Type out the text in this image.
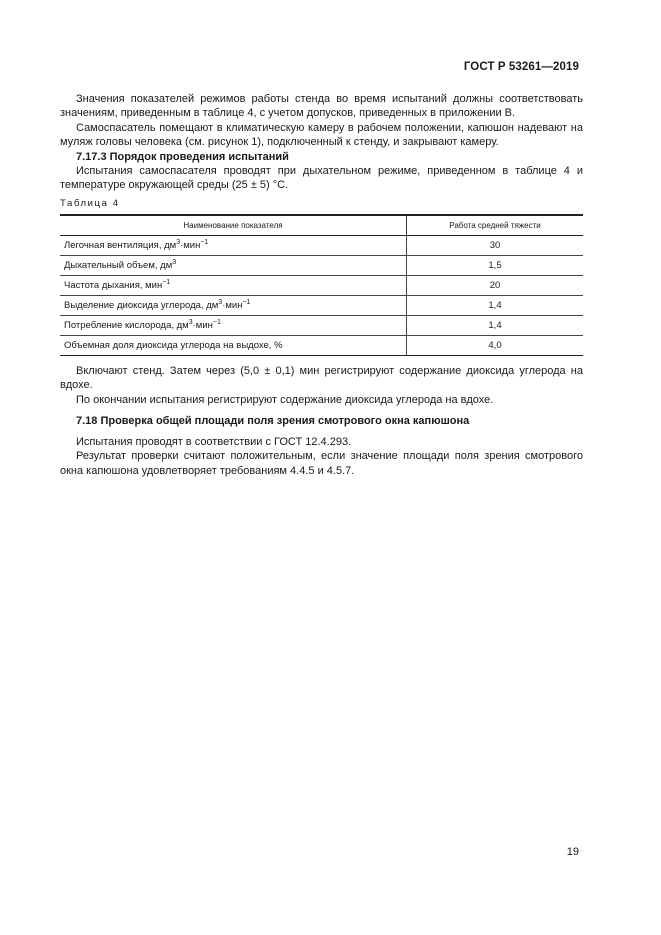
ГОСТ Р 53261—2019

Значения показателей режимов работы стенда во время испытаний должны соответствовать значениям, приведенным в таблице 4, с учетом допусков, приведенных в приложении В.

Самоспасатель помещают в климатическую камеру в рабочем положении, капюшон надевают на муляж головы человека (см. рисунок 1), подключенный к стенду, и закрывают камеру.

7.17.3 Порядок проведения испытаний

Испытания самоспасателя проводят при дыхательном режиме, приведенном в таблице 4 и температуре окружающей среды (25 ± 5) °С.

Таблица 4
Наименование показателя	Работа средней тяжести
Легочная вентиляция, $дм^3\cdot мин^{-1}$	30
Дыхательный объем, $дм^3$	1,5
Частота дыхания, мин$^{-1}$	20
Выделение диоксида углерода, $дм^3\cdot мин^{-1}$	1,4
Потребление кислорода, $дм^3\cdot мин^{-1}$	1,4
Объемная доля диоксида углерода на выдохе, %	4,0

Включают стенд. Затем через (5,0 ± 0,1) мин регистрируют содержание диоксида углерода на вдохе.

По окончании испытания регистрируют содержание диоксида углерода на вдохе.

7.18 Проверка общей площади поля зрения смотрового окна капюшона

Испытания проводят в соответствии с ГОСТ 12.4.293.

Результат проверки считают положительным, если значение площади поля зрения смотрового окна капюшона удовлетворяет требованиям 4.4.5 и 4.5.7.

19
